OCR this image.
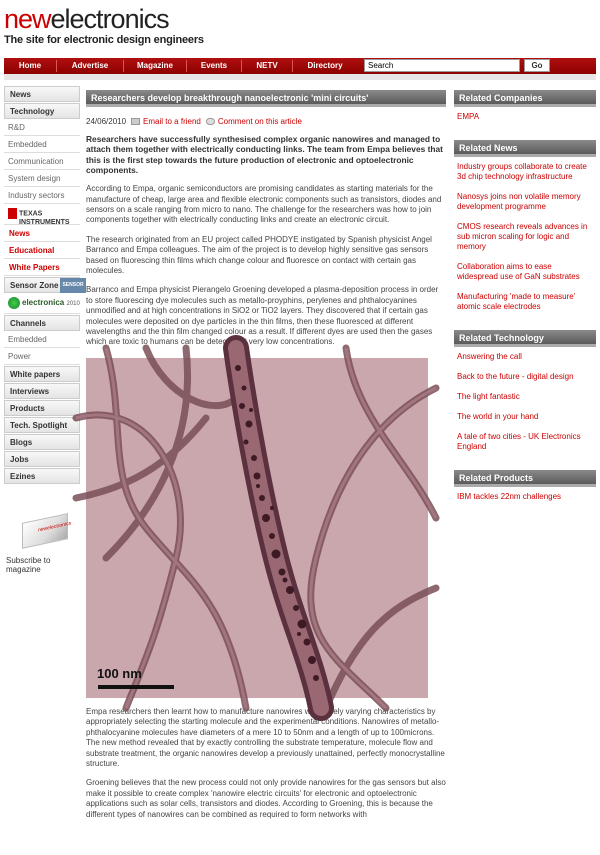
newelectronics
The site for electronic design engineers
Home	Advertise	Magazine	Events	NETV	Directory
Search	Go
News
Technology
R&D
Embedded
Communication
System design
Industry sectors
TEXAS
INSTRUMENTS
News
Educational
White Papers
Sensor Zone SENSOR
electronica 2010
Channels
Embedded
Power
White papers
Interviews
Products
Tech. Spotlight
Blogs
Jobs
Ezines
newelectronics
Subscribe to magazine
Researchers develop breakthrough nanoelectronic 'mini circuits'
24/06/2010 Email to a friend Comment on this article

Researchers have successfully synthesised complex organic nanowires and managed to attach them together with electrically conducting links. The team from Empa believes that this is the first step towards the future production of electronic and optoelectronic components.

According to Empa, organic semiconductors are promising candidates as starting materials for the manufacture of cheap, large area and flexible electronic components such as transistors, diodes and sensors on a scale ranging from micro to nano. The challenge for the researchers was how to join components together with electrically conducting links and create an electronic circuit.

The research originated from an EU project called PHODYE instigated by Spanish physicist Angel Barranco and Empa colleagues. The aim of the project is to develop highly sensitive gas sensors based on fluorescing thin films which change colour and fluoresce on contact with certain gas molecules.

Barranco and Empa physicist Pierangelo Groening developed a plasma-deposition process in order to store fluorescing dye molecules such as metallo-proyphins, perylenes and phthalocyanines unmodified and at high concentrations in SiO2 or TiO2 layers. They discovered that if certain gas molecules were deposited on dye particles in the thin films, then these fluoresced at different wavelengths and the thin film changed colour as a result. If different dyes are used then the gases which are toxic to humans can be detected at very low concentrations.

100 nm

Empa researchers then learnt how to manufacture nanowires with widely varying characteristics by appropriately selecting the starting molecule and the experimental conditions. Nanowires of metallo-phthalocyanine molecules have diameters of a mere 10 to 50nm and a length of up to 100microns. The new method revealed that by exactly controlling the substrate temperature, molecule flow and substrate treatment, the organic nanowires develop a previously unattained, perfectly monocrystalline structure.

Groening believes that the new process could not only provide nanowires for the gas sensors but also make it possible to create complex 'nanowire electric circuits' for electronic and optoelectronic applications such as solar cells, transistors and diodes. According to Groening, this is because the different types of nanowires can be combined as required to form networks with

Related Companies
EMPA
Related News
Industry groups collaborate to create 3d chip technology infrastructure
Nanosys joins non volatile memory development programme
CMOS research reveals advances in sub micron scaling for logic and memory
Collaboration aims to ease widespread use of GaN substrates
Manufacturing 'made to measure' atomic scale electrodes
Related Technology
Answering the call
Back to the future - digital design
The light fantastic
The world in your hand
A tale of two cities - UK Electronics England
Related Products
IBM tackles 22nm challenges
